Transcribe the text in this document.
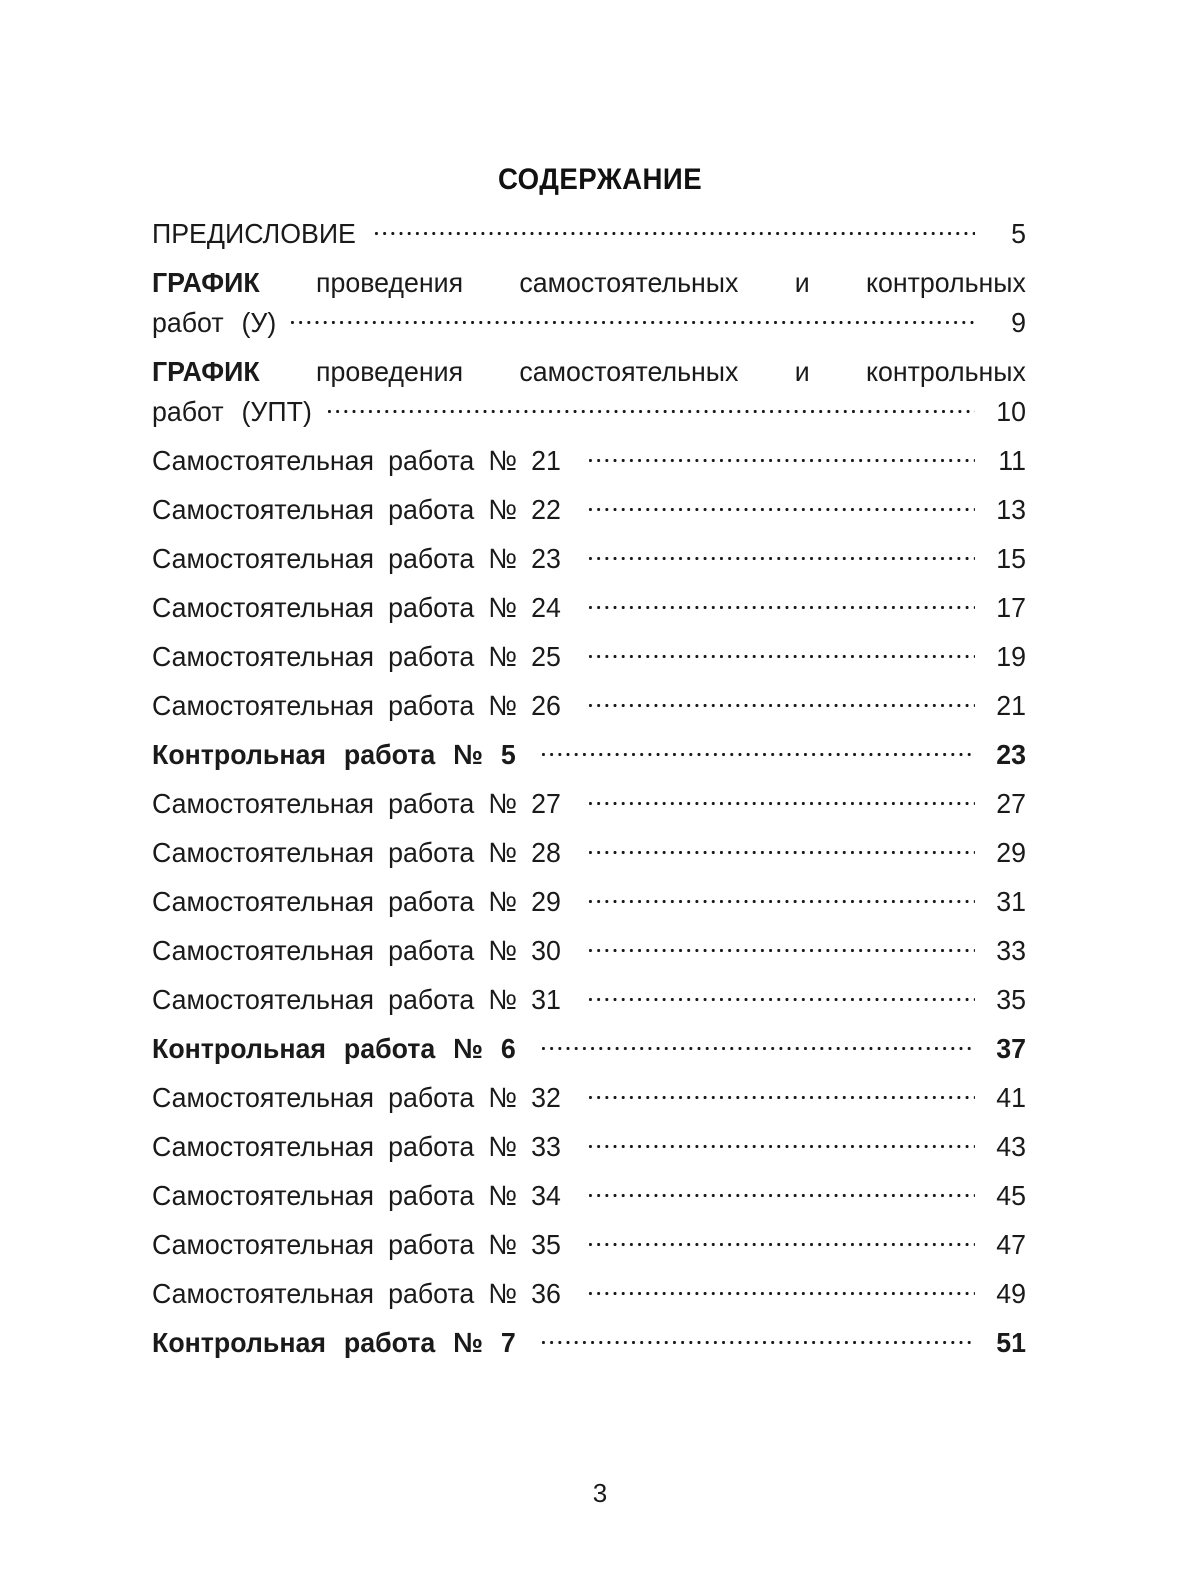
СОДЕРЖАНИЕ
ПРЕДИСЛОВИЕ	5
ГРАФИК проведения самостоятельных и контрольных
работ (У)	9
ГРАФИК проведения самостоятельных и контрольных
работ (УПТ)	10
Самостоятельная работа № 21	11
Самостоятельная работа № 22	13
Самостоятельная работа № 23	15
Самостоятельная работа № 24	17
Самостоятельная работа № 25	19
Самостоятельная работа № 26	21
Контрольная работа № 5	23
Самостоятельная работа № 27	27
Самостоятельная работа № 28	29
Самостоятельная работа № 29	31
Самостоятельная работа № 30	33
Самостоятельная работа № 31	35
Контрольная работа № 6	37
Самостоятельная работа № 32	41
Самостоятельная работа № 33	43
Самостоятельная работа № 34	45
Самостоятельная работа № 35	47
Самостоятельная работа № 36	49
Контрольная работа № 7	51
3
